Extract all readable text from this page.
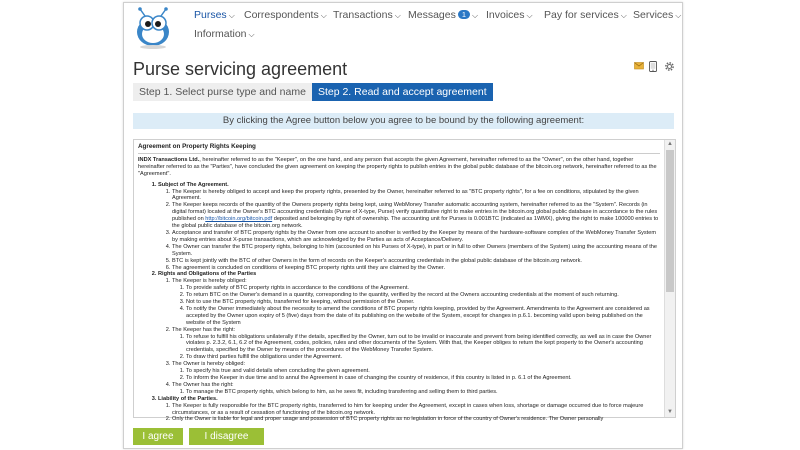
Purses ⌵ Correspondents ⌵ Transactions ⌵ Messages 1 ⌵ Invoices ⌵ Pay for services ⌵ Services ⌵
Information ⌵
Purse servicing agreement
Step 1. Select purse type and name	Step 2. Read and accept agreement
By clicking the Agree button below you agree to be bound by the following agreement:
Agreement on Property Rights Keeping

INDX Transactions Ltd., hereinafter referred to as the "Keeper", on the one hand, and any person that accepts the given Agreement, hereinafter referred to as the "Owner", on the other hand, together hereinafter referred to as the "Parties", have concluded the given agreement on keeping the property rights to publish entries in the global public database of the bitcoin.org network, hereinafter referred to as the "Agreement".

1. Subject of The Agreement.
1. The Keeper is hereby obliged to accept and keep the property rights, presented by the Owner, hereinafter referred to as "BTC property rights", for a fee on conditions, stipulated by the given Agreement.
2. The Keeper keeps records of the quantity of the Owners property rights being kept, using WebMoney Transfer automatic accounting system, hereinafter referred to as the "System". Records (in digital format) located at the Owner's BTC accounting credentials (Purse of X-type, Purse) verify quantitative right to make entries in the bitcoin.org global public database in accordance to the rules published on http://bitcoin.org/bitcoin.pdf deposited and belonging by right of ownership. The accounting unit for Purses is 0.001BTC (indicated as 1WMX), giving the right to make 100000 entries to the global public database of the bitcoin.org network.
3. Acceptance and transfer of BTC property rights by the Owner from one account to another is verified by the Keeper by means of the hardware-software complex of the WebMoney Transfer System by making entries about X-purse transactions, which are acknowledged by the Parties as acts of Acceptance/Delivery.
4. The Owner can transfer the BTC property rights, belonging to him (accounted on his Purses of X-type), in part or in full to other Owners (members of the System) using the accounting means of the System.
5. BTC is kept jointly with the BTC of other Owners in the form of records on the Keeper's accounting credentials in the global public database of the bitcoin.org network.
6. The agreement is concluded on conditions of keeping BTC property rights until they are claimed by the Owner.
2. Rights and Obligations of the Parties
1. The Keeper is hereby obliged:
1. To provide safety of BTC property rights in accordance to the conditions of the Agreement.
2. To return BTC on the Owner's demand in a quantity, corresponding to the quantity, verified by the record at the Owners accounting credentials at the moment of such returning.
3. Not to use the BTC property rights, transferred for keeping, without permission of the Owner.
4. To notify the Owner immediately about the necessity to amend the conditions of BTC property rights keeping, provided by the Agreement. Amendments to the Agreement are considered as accepted by the Owner upon expiry of 5 (five) days from the date of its publishing on the website of the System, except for changes in p.6.1. becoming valid upon being published on the website of the System
2. The Keeper has the right:
1. To refuse to fulfill his obligations unilaterally if the details, specified by the Owner, turn out to be invalid or inaccurate and prevent from being identified correctly, as well as in case the Owner violates p. 2.3.2, 6.1, 6.2 of the Agreement, codes, policies, rules and other documents of the System. With that, the Keeper obliges to return the kept property to the Owner's accounting credentials, specified by the Owner by means of the procedures of the WebMoney Transfer System.
2. To draw third parties fulfill the obligations under the Agreement.
3. The Owner is hereby obliged:
1. To specify his true and valid details when concluding the given agreement.
2. To inform the Keeper in due time and to annul the Agreement in case of changing the country of residence, if this country is listed in p. 6.1 of the Agreement.
4. The Owner has the right:
1. To manage the BTC property rights, which belong to him, as he sees fit, including transferring and selling them to third parties.
3. Liability of the Parties.
1. The Keeper is fully responsible for the BTC property rights, transferred to him for keeping under the Agreement, except in cases when loss, shortage or damage occurred due to force majeure circumstances, or as a result of cessation of functioning of the bitcoin.org network.
2. Only the Owner is liable for legal and proper usage and possession of BTC property rights as no legislation in force of the country of Owner's residence. The Owner personally
▲
▼
I agree	I disagree
